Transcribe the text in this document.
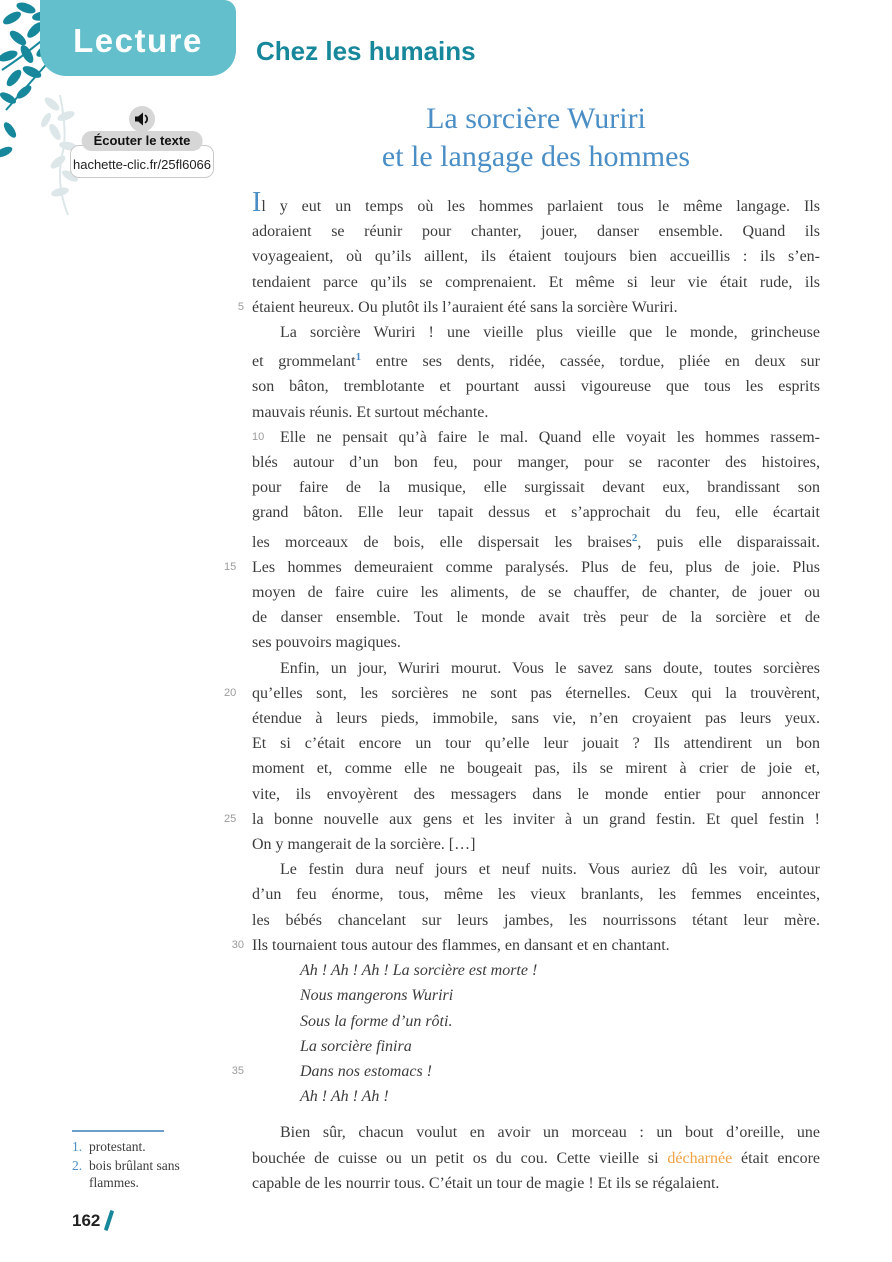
Lecture Chez les humains
Écouter le texte
hachette-clic.fr/25fl6066
La sorcière Wuriri
et le langage des hommes
Il y eut un temps où les hommes parlaient tous le même langage. Ils
adoraient se réunir pour chanter, jouer, danser ensemble. Quand ils
voyageaient, où qu’ils aillent, ils étaient toujours bien accueillis : ils s’en-
tendaient parce qu’ils se comprenaient. Et même si leur vie était rude, ils
5 étaient heureux. Ou plutôt ils l’auraient été sans la sorcière Wuriri.
La sorcière Wuriri ! une vieille plus vieille que le monde, grincheuse
et grommelant$^1$ entre ses dents, ridée, cassée, tordue, pliée en deux sur
son bâton, tremblotante et pourtant aussi vigoureuse que tous les esprits
mauvais réunis. Et surtout méchante.
10 Elle ne pensait qu’à faire le mal. Quand elle voyait les hommes rassem-
blés autour d’un bon feu, pour manger, pour se raconter des histoires,
pour faire de la musique, elle surgissait devant eux, brandissant son
grand bâton. Elle leur tapait dessus et s’approchait du feu, elle écartait
les morceaux de bois, elle dispersait les braises$^2$, puis elle disparaissait.
15 Les hommes demeuraient comme paralysés. Plus de feu, plus de joie. Plus
moyen de faire cuire les aliments, de se chauffer, de chanter, de jouer ou
de danser ensemble. Tout le monde avait très peur de la sorcière et de
ses pouvoirs magiques.
Enfin, un jour, Wuriri mourut. Vous le savez sans doute, toutes sorcières
20 qu’elles sont, les sorcières ne sont pas éternelles. Ceux qui la trouvèrent,
étendue à leurs pieds, immobile, sans vie, n’en croyaient pas leurs yeux.
Et si c’était encore un tour qu’elle leur jouait ? Ils attendirent un bon
moment et, comme elle ne bougeait pas, ils se mirent à crier de joie et,
vite, ils envoyèrent des messagers dans le monde entier pour annoncer
25 la bonne nouvelle aux gens et les inviter à un grand festin. Et quel festin !
On y mangerait de la sorcière. […]
Le festin dura neuf jours et neuf nuits. Vous auriez dû les voir, autour
d’un feu énorme, tous, même les vieux branlants, les femmes enceintes,
les bébés chancelant sur leurs jambes, les nourrissons tétant leur mère.
30 Ils tournaient tous autour des flammes, en dansant et en chantant.
Ah ! Ah ! Ah ! La sorcière est morte !
Nous mangerons Wuriri
Sous la forme d’un rôti.
La sorcière finira
35	Dans nos estomacs !
Ah ! Ah ! Ah !
Bien sûr, chacun voulut en avoir un morceau : un bout d’oreille, une
bouchée de cuisse ou un petit os du cou. Cette vieille si décharnée était encore
capable de les nourrir tous. C’était un tour de magie ! Et ils se régalaient.
1. protestant.
2. bois brûlant sans flammes.
162
